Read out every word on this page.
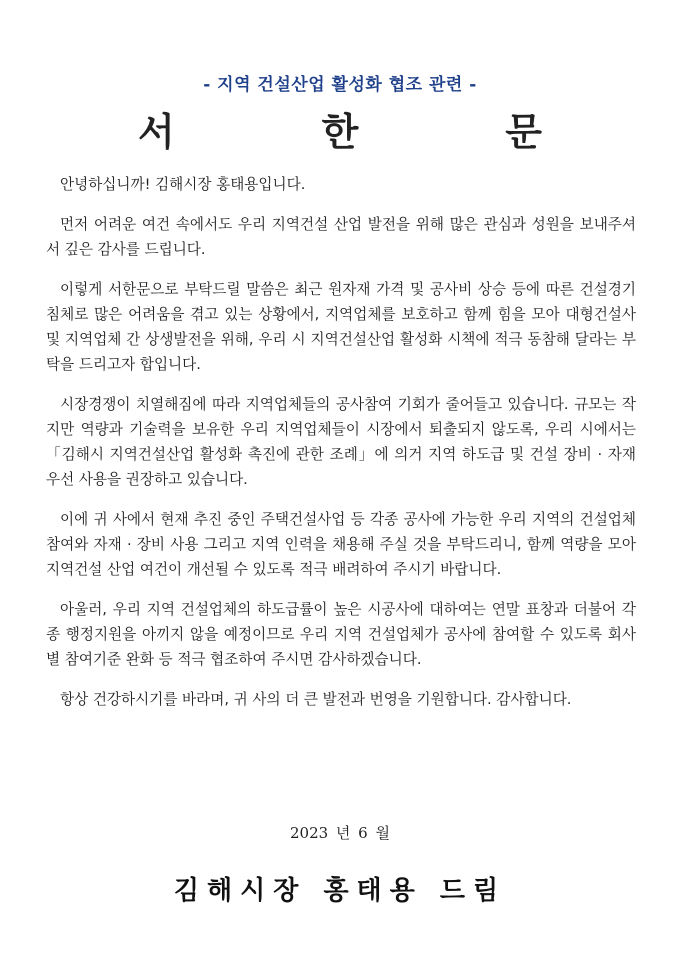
- 지역 건설산업 활성화 협조 관련 -
서	한	문

안녕하십니까! 김해시장 홍태용입니다.

먼저 어려운 여건 속에서도 우리 지역건설 산업 발전을 위해 많은 관심과 성원을 보내주셔서 깊은 감사를 드립니다.

이렇게 서한문으로 부탁드릴 말씀은 최근 원자재 가격 및 공사비 상승 등에 따른 건설경기 침체로 많은 어려움을 겪고 있는 상황에서, 지역업체를 보호하고 함께 힘을 모아 대형건설사 및 지역업체 간 상생발전을 위해, 우리 시 지역건설산업 활성화 시책에 적극 동참해 달라는 부탁을 드리고자 합입니다.

시장경쟁이 치열해짐에 따라 지역업체들의 공사참여 기회가 줄어들고 있습니다. 규모는 작지만 역량과 기술력을 보유한 우리 지역업체들이 시장에서 퇴출되지 않도록, 우리 시에서는 「김해시 지역건설산업 활성화 촉진에 관한 조례」에 의거 지역 하도급 및 건설 장비 · 자재 우선 사용을 권장하고 있습니다.

이에 귀 사에서 현재 추진 중인 주택건설사업 등 각종 공사에 가능한 우리 지역의 건설업체 참여와 자재 · 장비 사용 그리고 지역 인력을 채용해 주실 것을 부탁드리니, 함께 역량을 모아 지역건설 산업 여건이 개선될 수 있도록 적극 배려하여 주시기 바랍니다.

아울러, 우리 지역 건설업체의 하도급률이 높은 시공사에 대하여는 연말 표창과 더불어 각종 행정지원을 아끼지 않을 예정이므로 우리 지역 건설업체가 공사에 참여할 수 있도록 회사별 참여기준 완화 등 적극 협조하여 주시면 감사하겠습니다.

항상 건강하시기를 바라며, 귀 사의 더 큰 발전과 번영을 기원합니다. 감사합니다.

2023 년 6 월
김해시장 홍태용 드림
